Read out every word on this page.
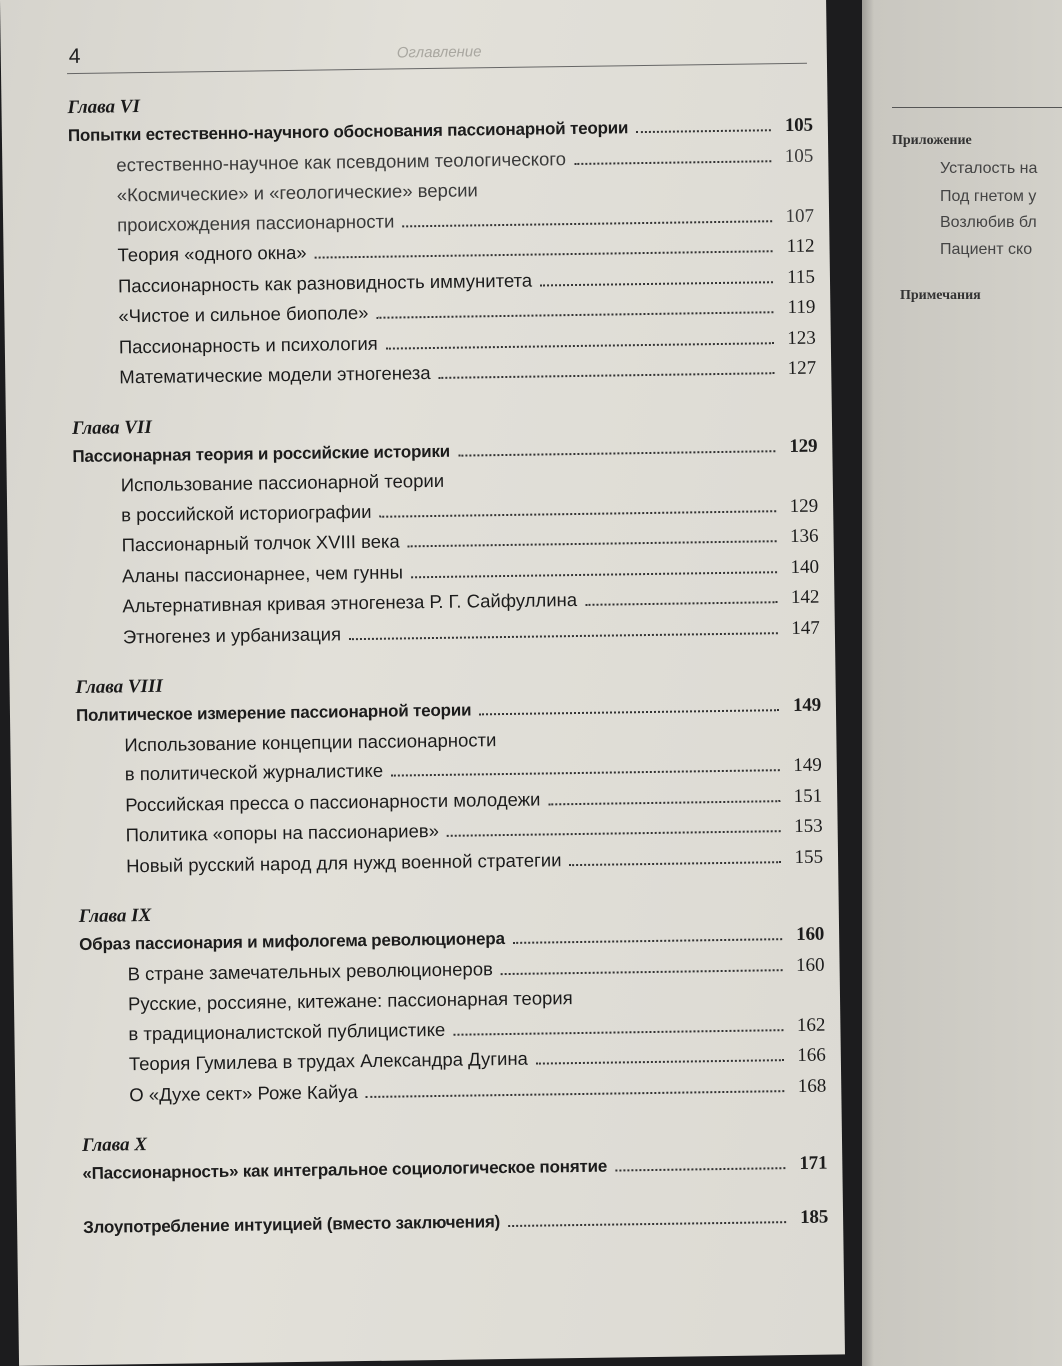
4	Оглавление
Глава VI
Попытки естественно-научного обоснования пассионарной теории	105
естественно-научное как псевдоним теологического	105
«Космические» и «геологические» версии
происхождения пассионарности	107
Теория «одного окна»	112
Пассионарность как разновидность иммунитета	115
«Чистое и сильное биополе»	119
Пассионарность и психология	123
Математические модели этногенеза	127
Глава VII
Пассионарная теория и российские историки	129
Использование пассионарной теории
в российской историографии	129
Пассионарный толчок XVIII века	136
Аланы пассионарнее, чем гунны	140
Альтернативная кривая этногенеза Р. Г. Сайфуллина	142
Этногенез и урбанизация	147
Глава VIII
Политическое измерение пассионарной теории	149
Использование концепции пассионарности
в политической журналистике	149
Российская пресса о пассионарности молодежи	151
Политика «опоры на пассионариев»	153
Новый русский народ для нужд военной стратегии	155
Глава IX
Образ пассионария и мифологема революционера	160
В стране замечательных революционеров	160
Русские, россияне, китежане: пассионарная теория
в традиционалистской публицистике	162
Теория Гумилева в трудах Александра Дугина	166
О «Духе сект» Роже Кайуа	168
Глава X
«Пассионарность» как интегральное социологическое понятие	171
Злоупотребление интуицией (вместо заключения)	185
Приложение
Усталость на
Под гнетом у
Возлюбив бл
Пациент ско
Примечания
